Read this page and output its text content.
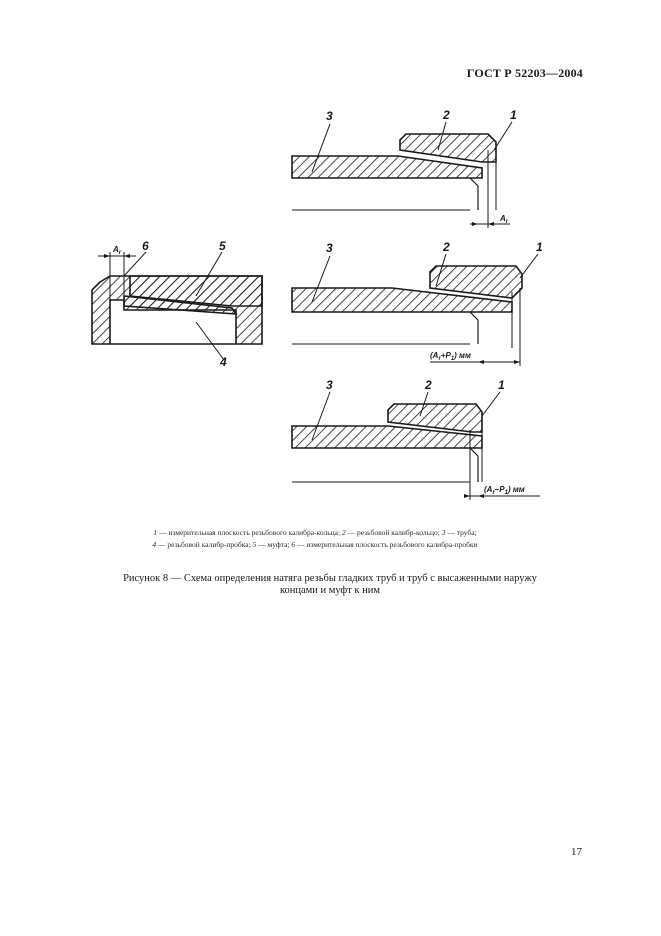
ГОСТ Р 52203—2004
$A_r$
3	2	1
$A_r$ 6	5
4	$(A_r+P_1)$ мм
3	2	1
$(A_r-P_1)$ мм
3	2	1
1 — измерительная плоскость резьбового калибра-кольца; 2 — резьбовой калибр-кольцо; 3 — труба;
4 — резьбовой калибр-пробка; 5 — муфта; 6 — измерительная плоскость резьбового калибра-пробки
Рисунок 8 — Схема определения натяга резьбы гладких труб и труб с высаженными наружу
концами и муфт к ним
17
